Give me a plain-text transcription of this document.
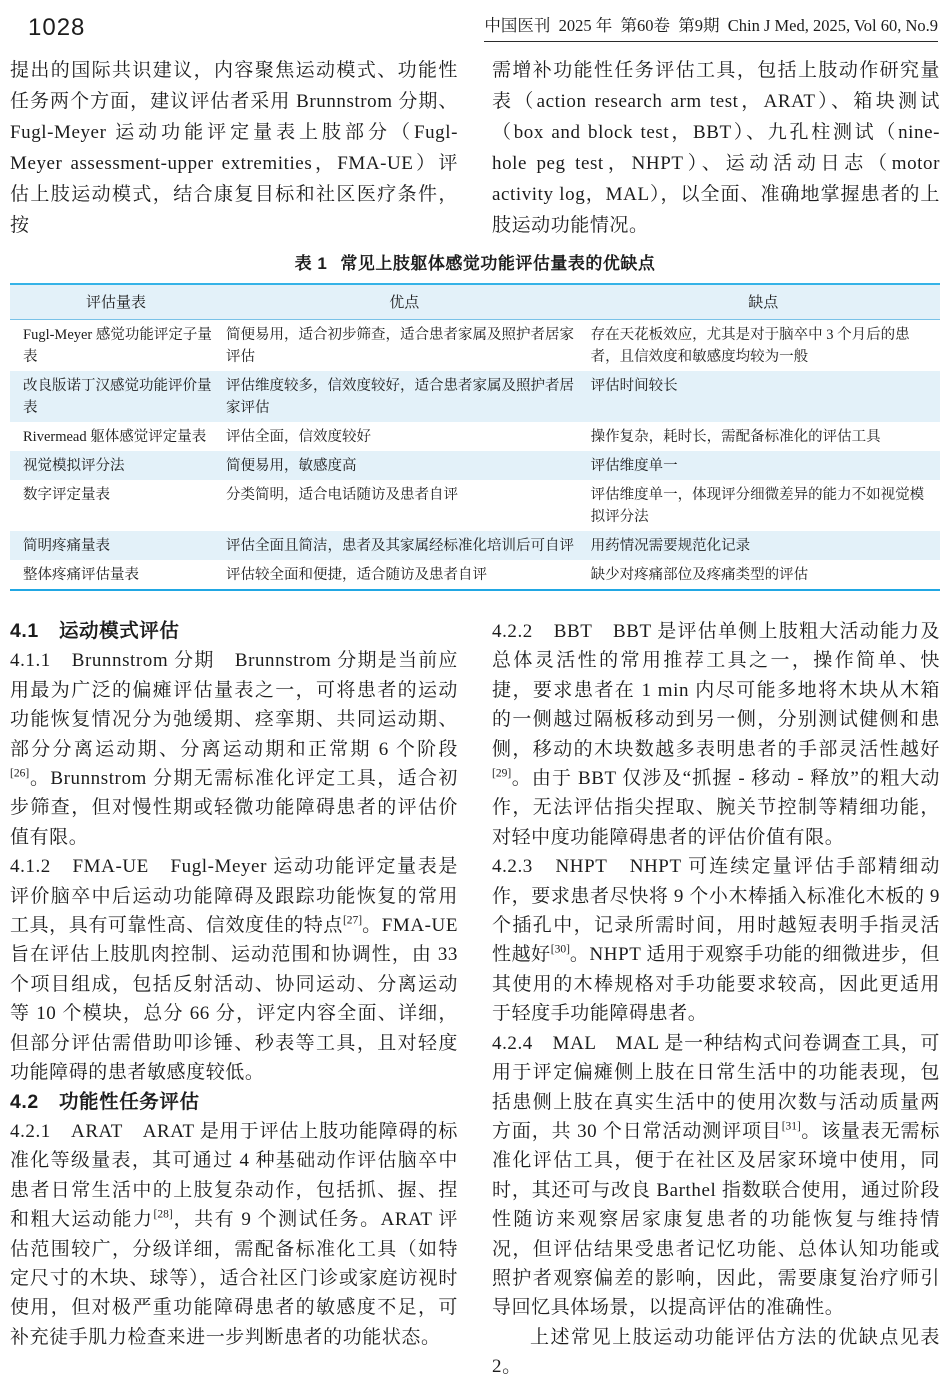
1028	中国医刊  2025 年  第60卷  第9期  Chin J Med, 2025, Vol 60, No.9

提出的国际共识建议，内容聚焦运动模式、功能性任务两个方面，建议评估者采用 Brunnstrom 分期、Fugl-Meyer 运动功能评定量表上肢部分（Fugl-Meyer assessment-upper extremities，FMA-UE）评估上肢运动模式，结合康复目标和社区医疗条件，按

需增补功能性任务评估工具，包括上肢动作研究量表（action research arm test，ARAT）、箱块测试（box and block test，BBT）、九孔柱测试（nine-hole peg test，NHPT）、运动活动日志（motor activity log，MAL），以全面、准确地掌握患者的上肢运动功能情况。

表 1 常见上肢躯体感觉功能评估量表的优缺点
评估量表	优点	缺点
Fugl-Meyer 感觉功能评定子量表	简便易用，适合初步筛查，适合患者家属及照护者居家评估	存在天花板效应，尤其是对于脑卒中 3 个月后的患者，且信效度和敏感度均较为一般
改良版诺丁汉感觉功能评价量表	评估维度较多，信效度较好，适合患者家属及照护者居家评估	评估时间较长
Rivermead 躯体感觉评定量表	评估全面，信效度较好	操作复杂，耗时长，需配备标准化的评估工具
视觉模拟评分法	简便易用，敏感度高	评估维度单一
数字评定量表	分类简明，适合电话随访及患者自评	评估维度单一，体现评分细微差异的能力不如视觉模拟评分法
简明疼痛量表	评估全面且简洁，患者及其家属经标准化培训后可自评	用药情况需要规范化记录
整体疼痛评估量表	评估较全面和便捷，适合随访及患者自评	缺少对疼痛部位及疼痛类型的评估
4.1　运动模式评估

4.1.1　Brunnstrom 分期　Brunnstrom 分期是当前应用最为广泛的偏瘫评估量表之一，可将患者的运动功能恢复情况分为弛缓期、痉挛期、共同运动期、部分分离运动期、分离运动期和正常期 6 个阶段[26]。Brunnstrom 分期无需标准化评定工具，适合初步筛查，但对慢性期或轻微功能障碍患者的评估价值有限。

4.1.2　FMA-UE　Fugl-Meyer 运动功能评定量表是评价脑卒中后运动功能障碍及跟踪功能恢复的常用工具，具有可靠性高、信效度佳的特点[27]。FMA-UE 旨在评估上肢肌肉控制、运动范围和协调性，由 33 个项目组成，包括反射活动、协同运动、分离运动等 10 个模块，总分 66 分，评定内容全面、详细，但部分评估需借助叩诊锤、秒表等工具，且对轻度功能障碍的患者敏感度较低。

4.2　功能性任务评估

4.2.1　ARAT　ARAT 是用于评估上肢功能障碍的标准化等级量表，其可通过 4 种基础动作评估脑卒中患者日常生活中的上肢复杂动作，包括抓、握、捏和粗大运动能力[28]，共有 9 个测试任务。ARAT 评估范围较广，分级详细，需配备标准化工具（如特定尺寸的木块、球等），适合社区门诊或家庭访视时使用，但对极严重功能障碍患者的敏感度不足，可补充徒手肌力检查来进一步判断患者的功能状态。

4.2.2　BBT　BBT 是评估单侧上肢粗大活动能力及总体灵活性的常用推荐工具之一，操作简单、快捷，要求患者在 1 min 内尽可能多地将木块从木箱的一侧越过隔板移动到另一侧，分别测试健侧和患侧，移动的木块数越多表明患者的手部灵活性越好[29]。由于 BBT 仅涉及“抓握 - 移动 - 释放”的粗大动作，无法评估指尖捏取、腕关节控制等精细功能，对轻中度功能障碍患者的评估价值有限。

4.2.3　NHPT　NHPT 可连续定量评估手部精细动作，要求患者尽快将 9 个小木棒插入标准化木板的 9 个插孔中，记录所需时间，用时越短表明手指灵活性越好[30]。NHPT 适用于观察手功能的细微进步，但其使用的木棒规格对手功能要求较高，因此更适用于轻度手功能障碍患者。

4.2.4　MAL　MAL 是一种结构式问卷调查工具，可用于评定偏瘫侧上肢在日常生活中的功能表现，包括患侧上肢在真实生活中的使用次数与活动质量两方面，共 30 个日常活动测评项目[31]。该量表无需标准化评估工具，便于在社区及居家环境中使用，同时，其还可与改良 Barthel 指数联合使用，通过阶段性随访来观察居家康复患者的功能恢复与维持情况，但评估结果受患者记忆功能、总体认知功能或照护者观察偏差的影响，因此，需要康复治疗师引导回忆具体场景，以提高评估的准确性。

上述常见上肢运动功能评估方法的优缺点见表 2。
